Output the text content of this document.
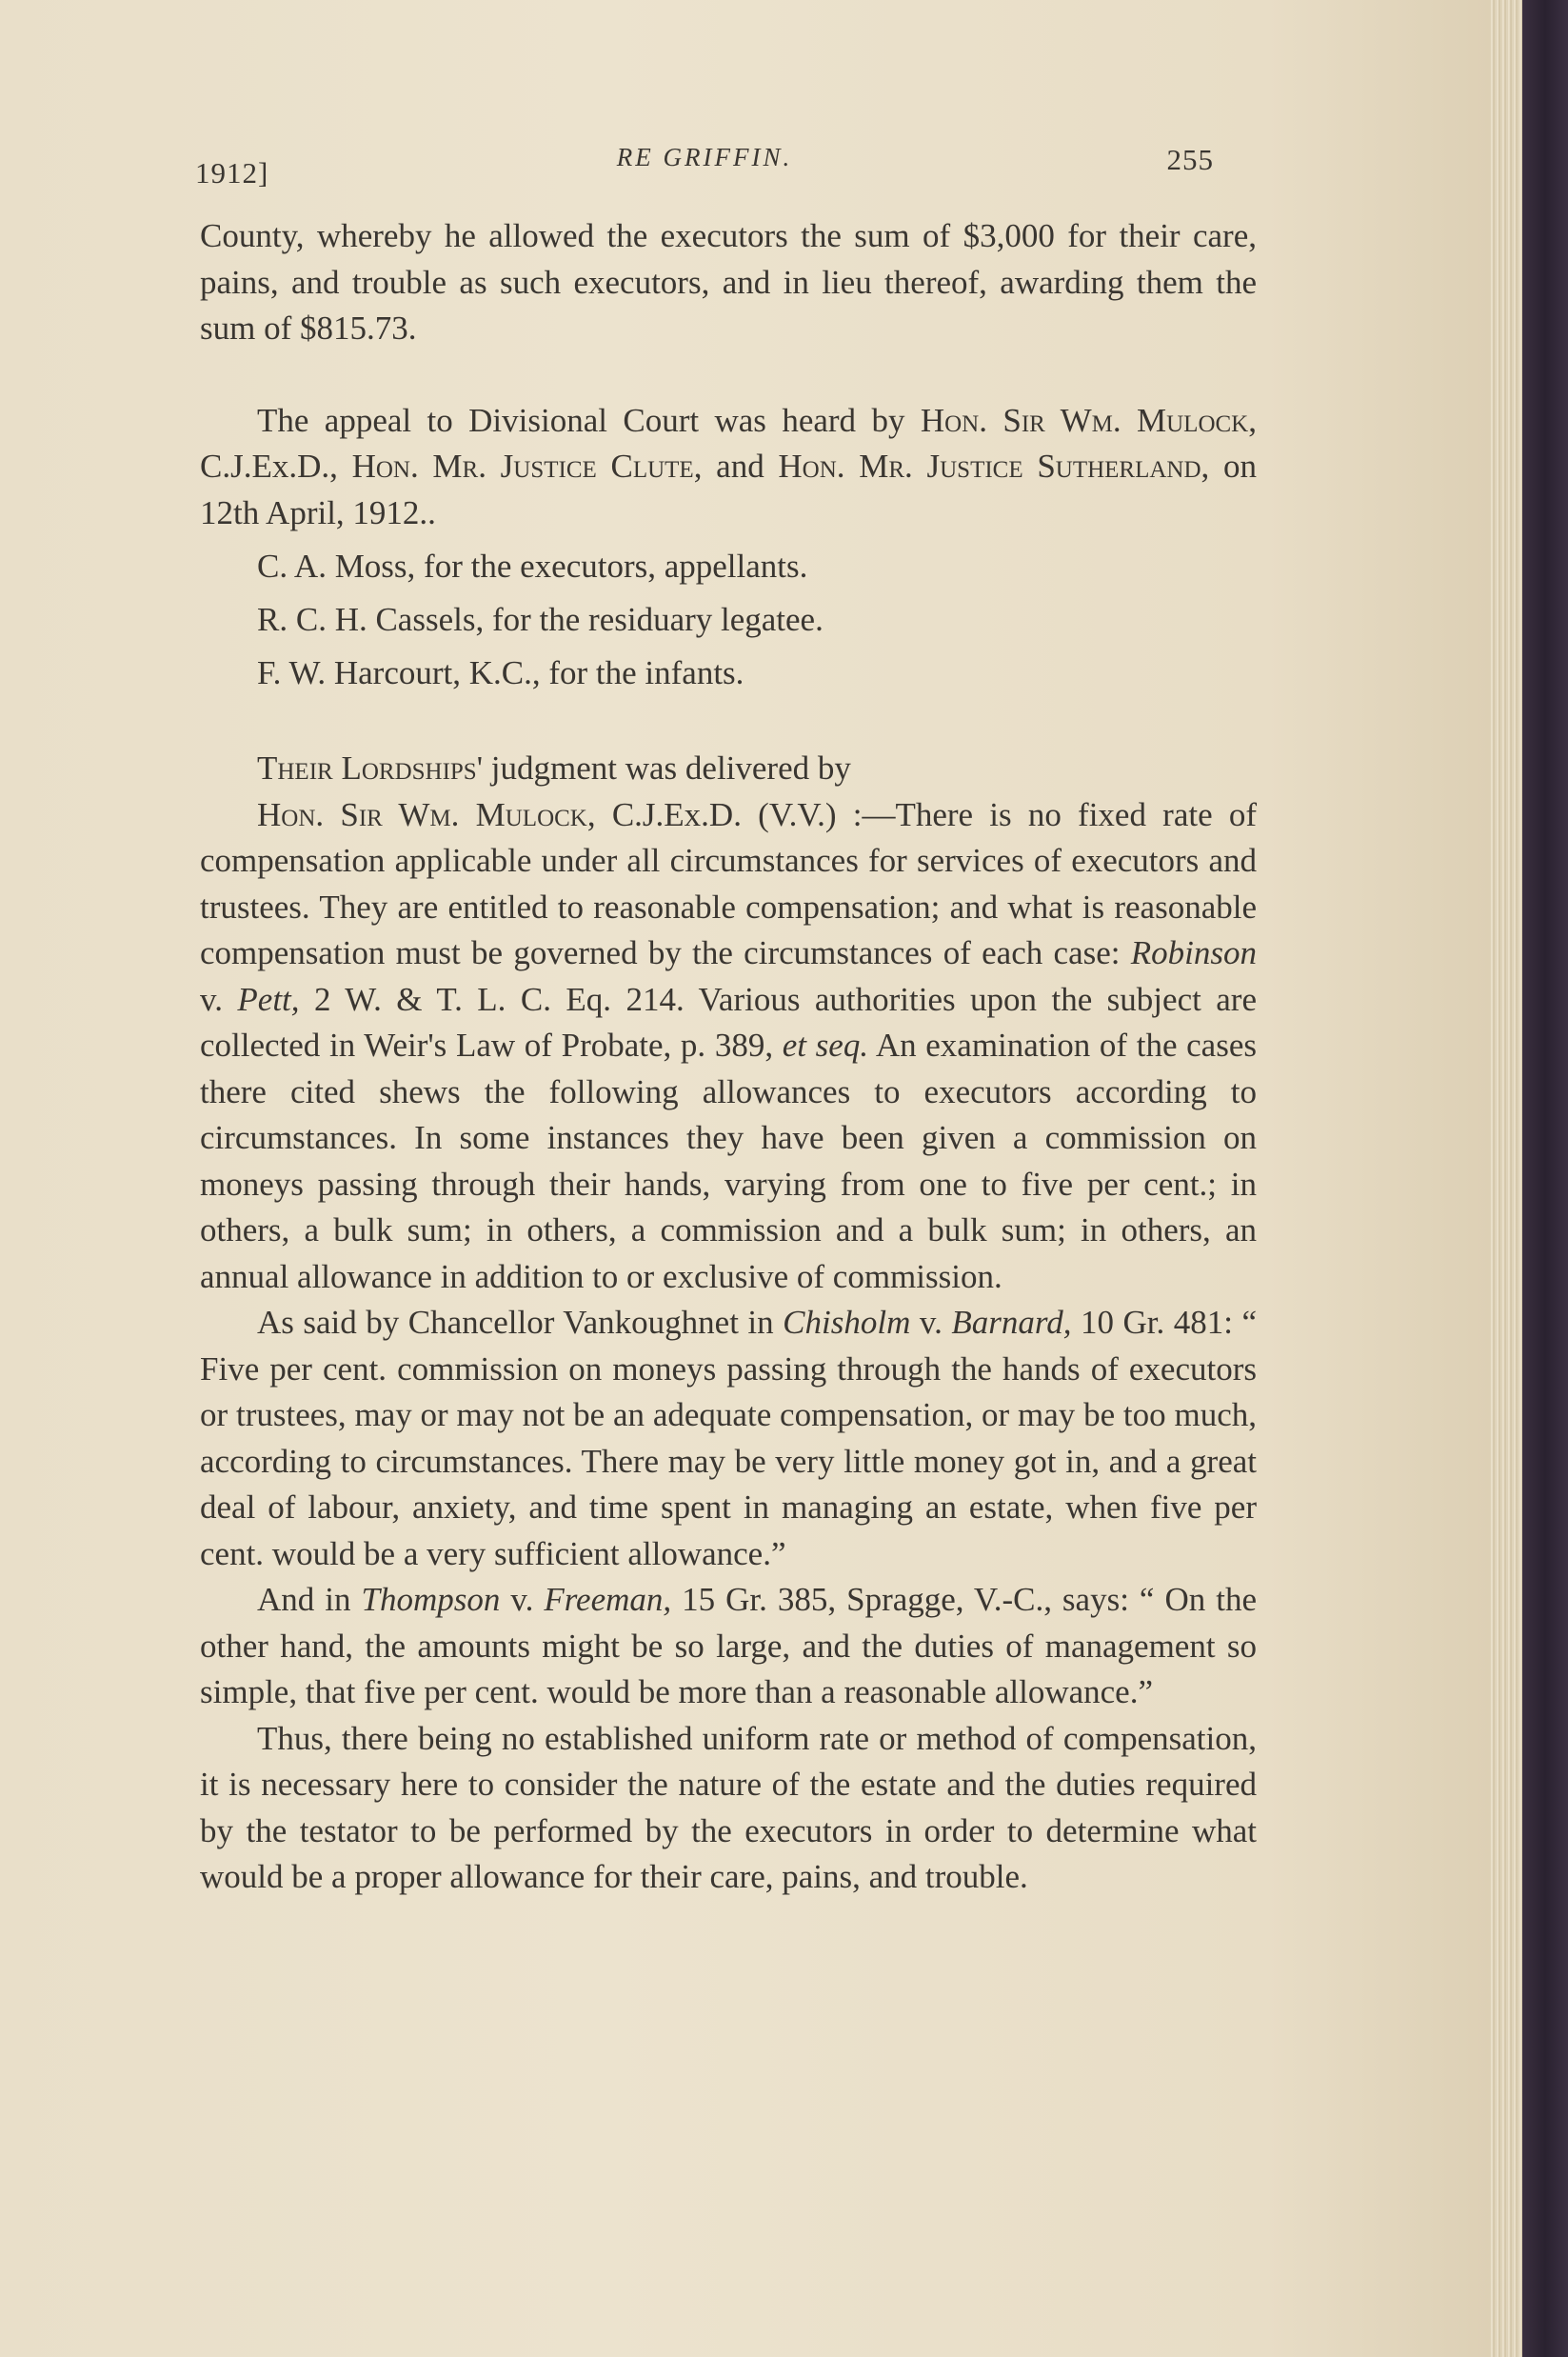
1912]	RE GRIFFIN.	255

County, whereby he allowed the executors the sum of $3,000 for their care, pains, and trouble as such executors, and in lieu thereof, awarding them the sum of $815.73.

The appeal to Divisional Court was heard by Hon. Sir Wm. Mulock, C.J.Ex.D., Hon. Mr. Justice Clute, and Hon. Mr. Justice Sutherland, on 12th April, 1912..

C. A. Moss, for the executors, appellants.

R. C. H. Cassels, for the residuary legatee.

F. W. Harcourt, K.C., for the infants.

Their Lordships' judgment was delivered by

Hon. Sir Wm. Mulock, C.J.Ex.D. (V.V.) :—There is no fixed rate of compensation applicable under all circumstances for services of executors and trustees. They are entitled to reasonable compensation; and what is reasonable compensation must be governed by the circumstances of each case: Robinson v. Pett, 2 W. & T. L. C. Eq. 214. Various authorities upon the subject are collected in Weir's Law of Probate, p. 389, et seq. An examination of the cases there cited shews the following allowances to executors according to circumstances. In some instances they have been given a commission on moneys passing through their hands, varying from one to five per cent.; in others, a bulk sum; in others, a commission and a bulk sum; in others, an annual allowance in addition to or exclusive of commission.

As said by Chancellor Vankoughnet in Chisholm v. Barnard, 10 Gr. 481: “ Five per cent. commission on moneys passing through the hands of executors or trustees, may or may not be an adequate compensation, or may be too much, according to circumstances. There may be very little money got in, and a great deal of labour, anxiety, and time spent in managing an estate, when five per cent. would be a very sufficient allowance.”

And in Thompson v. Freeman, 15 Gr. 385, Spragge, V.-C., says: “ On the other hand, the amounts might be so large, and the duties of management so simple, that five per cent. would be more than a reasonable allowance.”

Thus, there being no established uniform rate or method of compensation, it is necessary here to consider the nature of the estate and the duties required by the testator to be performed by the executors in order to determine what would be a proper allowance for their care, pains, and trouble.
